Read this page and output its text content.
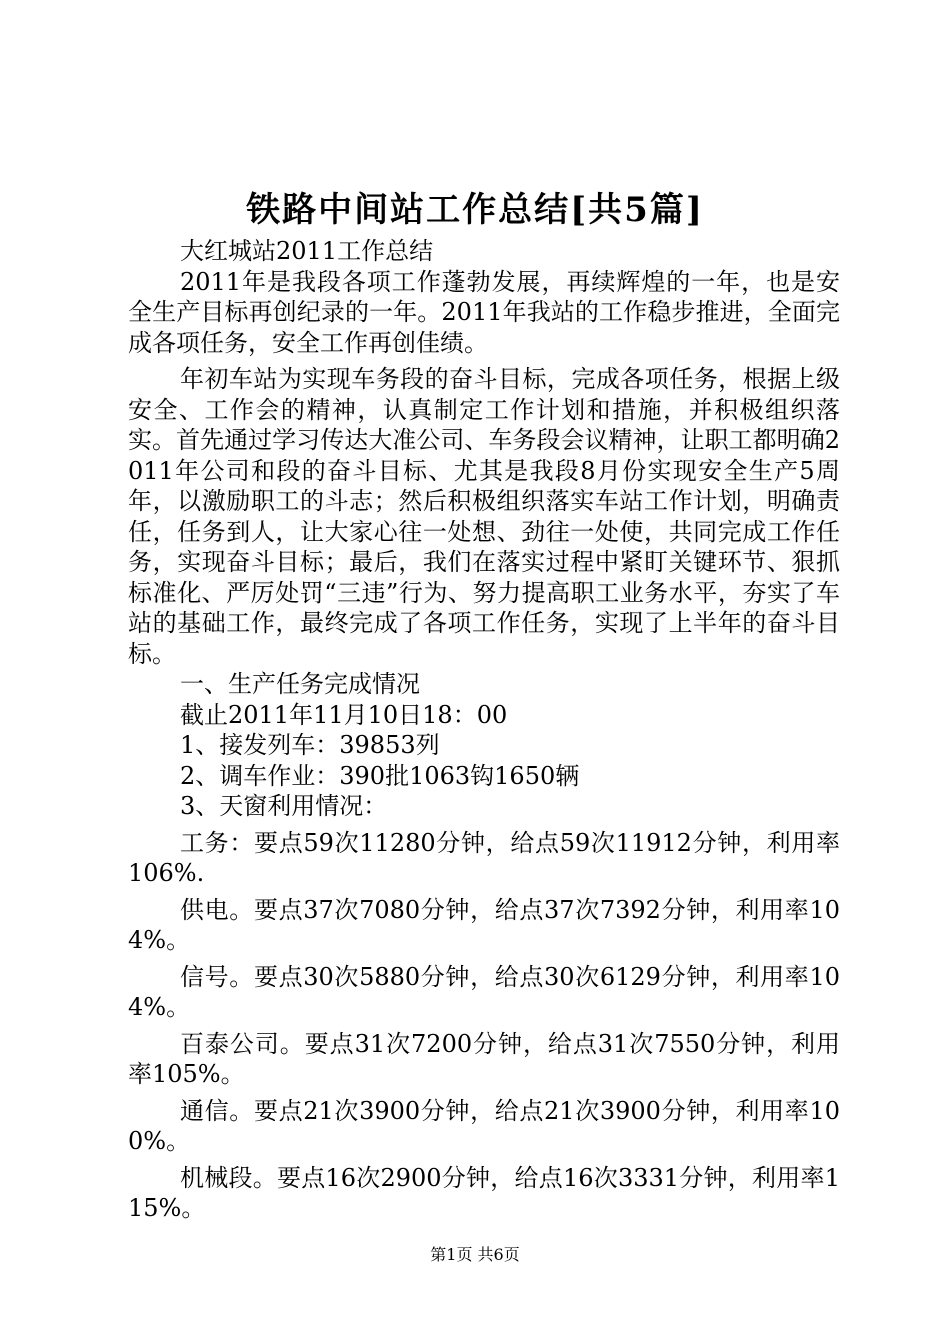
铁路中间站工作总结[共5篇]

大红城站2011工作总结

2011年是我段各项工作蓬勃发展，再续辉煌的一年，也是安全生产目标再创纪录的一年。2011年我站的工作稳步推进，全面完成各项任务，安全工作再创佳绩。

年初车站为实现车务段的奋斗目标，完成各项任务，根据上级安全、工作会的精神，认真制定工作计划和措施，并积极组织落实。首先通过学习传达大准公司、车务段会议精神，让职工都明确2011年公司和段的奋斗目标、尤其是我段8月份实现安全生产5周年，以激励职工的斗志；然后积极组织落实车站工作计划，明确责任，任务到人，让大家心往一处想、劲往一处使，共同完成工作任务，实现奋斗目标；最后，我们在落实过程中紧盯关键环节、狠抓标准化、严厉处罚“三违”行为、努力提高职工业务水平，夯实了车站的基础工作，最终完成了各项工作任务，实现了上半年的奋斗目标。

一、生产任务完成情况

截止2011年11月10日18：00

1、接发列车：39853列

2、调车作业：390批1063钩1650辆

3、天窗利用情况：

工务：要点59次11280分钟，给点59次11912分钟，利用率106%.

供电。要点37次7080分钟，给点37次7392分钟，利用率104%。

信号。要点30次5880分钟，给点30次6129分钟，利用率104%。

百泰公司。要点31次7200分钟，给点31次7550分钟，利用率105%。

通信。要点21次3900分钟，给点21次3900分钟，利用率100%。

机械段。要点16次2900分钟，给点16次3331分钟，利用率115%。

第1页 共6页
